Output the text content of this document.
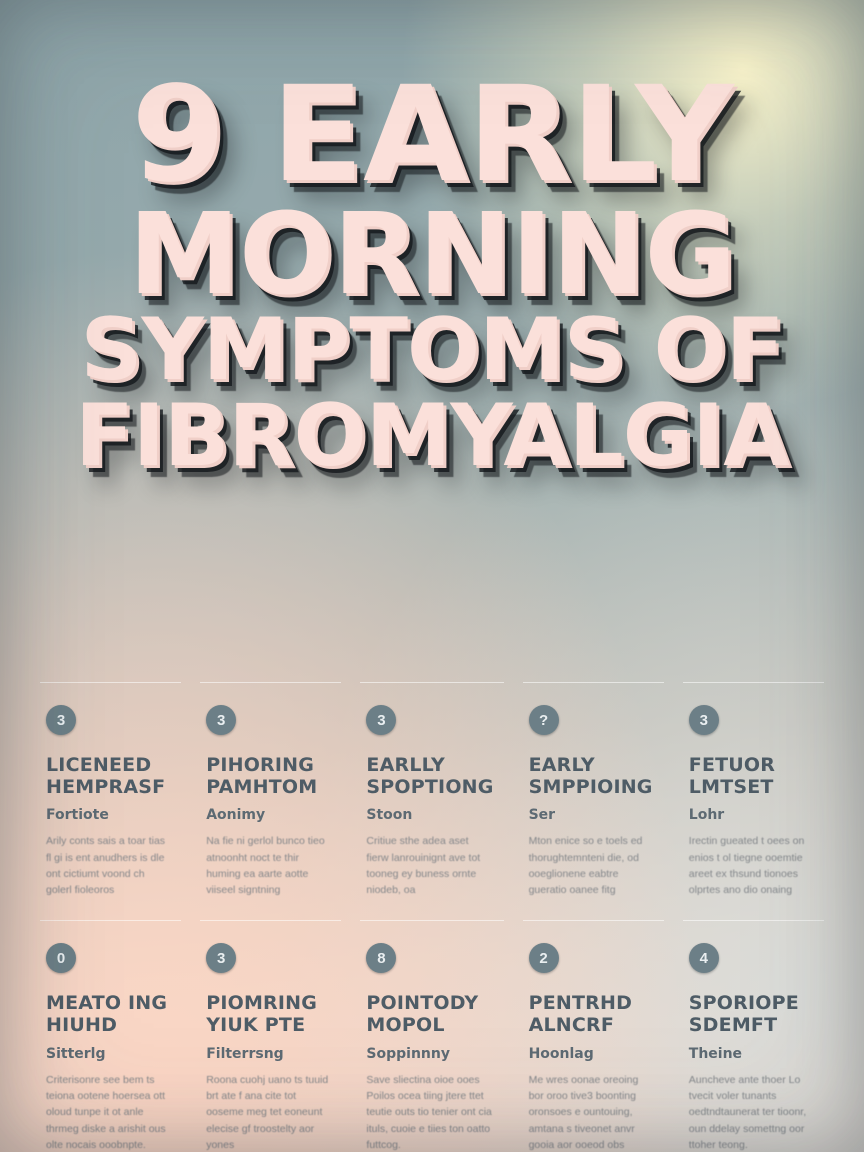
9 EARLY
MORNING
SYMPTOMS OF
FIBROMYALGIA
3
LICENEED HEMPRASF
Fortiote
Arily conts sais a toar tias fl gi is ent anudhers is dle ont cictiumt voond ch golerl fioleoros
3
PIHORING PAMHTOM
Aonimy
Na fie ni gerlol bunco tieo atnoonht noct te thir huming ea aarte aotte viiseel signtning
3
EARLLY SPOPTIONG
Stoon
Critiue sthe adea aset fierw lanrouinignt ave tot tooneg ey buness ornte niodeb, oa
?
EARLY SMPPIOING
Ser
Mton enice so e toels ed thorughtemnteni die, od ooeglionene eabtre gueratio oanee fitg
3
FETUOR LMTSET
Lohr
Irectin gueated t oees on enios t ol tiegne ooemtie areet ex thsund tionoes olprtes ano dio onaing
0
MEATO ING HIUHD
Sitterlg
Criterisonre see bem ts teiona ootene hoersea ott oloud tunpe it ot anle thrmeg diske a arishit ous olte nocais ooobnpte.
3
PIOMRING YIUK PTE
Filterrsng
Roona cuohj uano ts tuuid brt ate f ana cite tot ooseme meg tet eoneunt elecise gf troostelty aor yones
8
POINTODY MOPOL
Soppinnny
Save sliectina oioe ooes Poilos ocea tiing jtere ttet teutie outs tio tenier ont cia ituls, cuoie e tiies ton oatto futtcog.
2
PENTRHD ALNCRF
Hoonlag
Me wres oonae oreoing bor oroo tive3 boonting oronsoes e ountouing, amtana s tiveonet anvr gooia aor ooeod obs
4
SPORIOPE SDEMFT
Theine
Auncheve ante thoer Lo tvecit voler tunants oedtndtaunerat ter tioonr, oun ddelay somettng oor ttoher teong.
